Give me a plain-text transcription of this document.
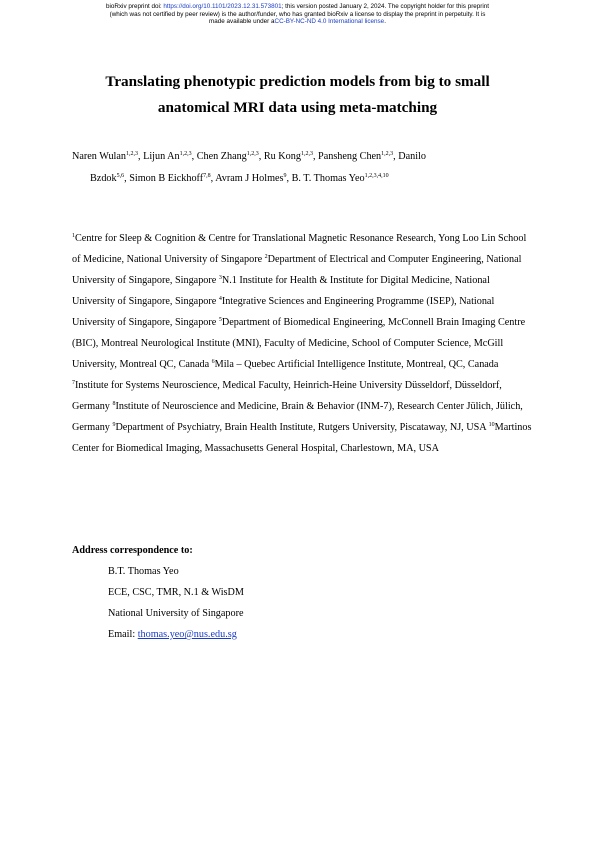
bioRxiv preprint doi: https://doi.org/10.1101/2023.12.31.573801; this version posted January 2, 2024. The copyright holder for this preprint
(which was not certified by peer review) is the author/funder, who has granted bioRxiv a license to display the preprint in perpetuity. It is
made available under aCC-BY-NC-ND 4.0 International license.
Translating phenotypic prediction models from big to small
anatomical MRI data using meta-matching
Naren Wulan$^{1,2,3}$, Lijun An$^{1,2,3}$, Chen Zhang$^{1,2,3}$, Ru Kong$^{1,2,3}$, Pansheng Chen$^{1,2,3}$, Danilo
Bzdok$^{5,6}$, Simon B Eickhoff$^{7,8}$, Avram J Holmes$^9$, B. T. Thomas Yeo$^{1,2,3,4,10}$

$^1$Centre for Sleep & Cognition & Centre for Translational Magnetic Resonance Research, Yong Loo Lin School of Medicine, National University of Singapore $^2$Department of Electrical and Computer Engineering, National University of Singapore, Singapore $^3$N.1 Institute for Health & Institute for Digital Medicine, National University of Singapore, Singapore $^4$Integrative Sciences and Engineering Programme (ISEP), National University of Singapore, Singapore $^5$Department of Biomedical Engineering, McConnell Brain Imaging Centre (BIC), Montreal Neurological Institute (MNI), Faculty of Medicine, School of Computer Science, McGill University, Montreal QC, Canada $^6$Mila – Quebec Artificial Intelligence Institute, Montreal, QC, Canada $^7$Institute for Systems Neuroscience, Medical Faculty, Heinrich-Heine University Düsseldorf, Düsseldorf, Germany $^8$Institute of Neuroscience and Medicine, Brain & Behavior (INM-7), Research Center Jülich, Jülich, Germany $^9$Department of Psychiatry, Brain Health Institute, Rutgers University, Piscataway, NJ, USA $^{10}$Martinos Center for Biomedical Imaging, Massachusetts General Hospital, Charlestown, MA, USA

Address correspondence to:
B.T. Thomas Yeo
ECE, CSC, TMR, N.1 & WisDM
National University of Singapore
Email: thomas.yeo@nus.edu.sg
